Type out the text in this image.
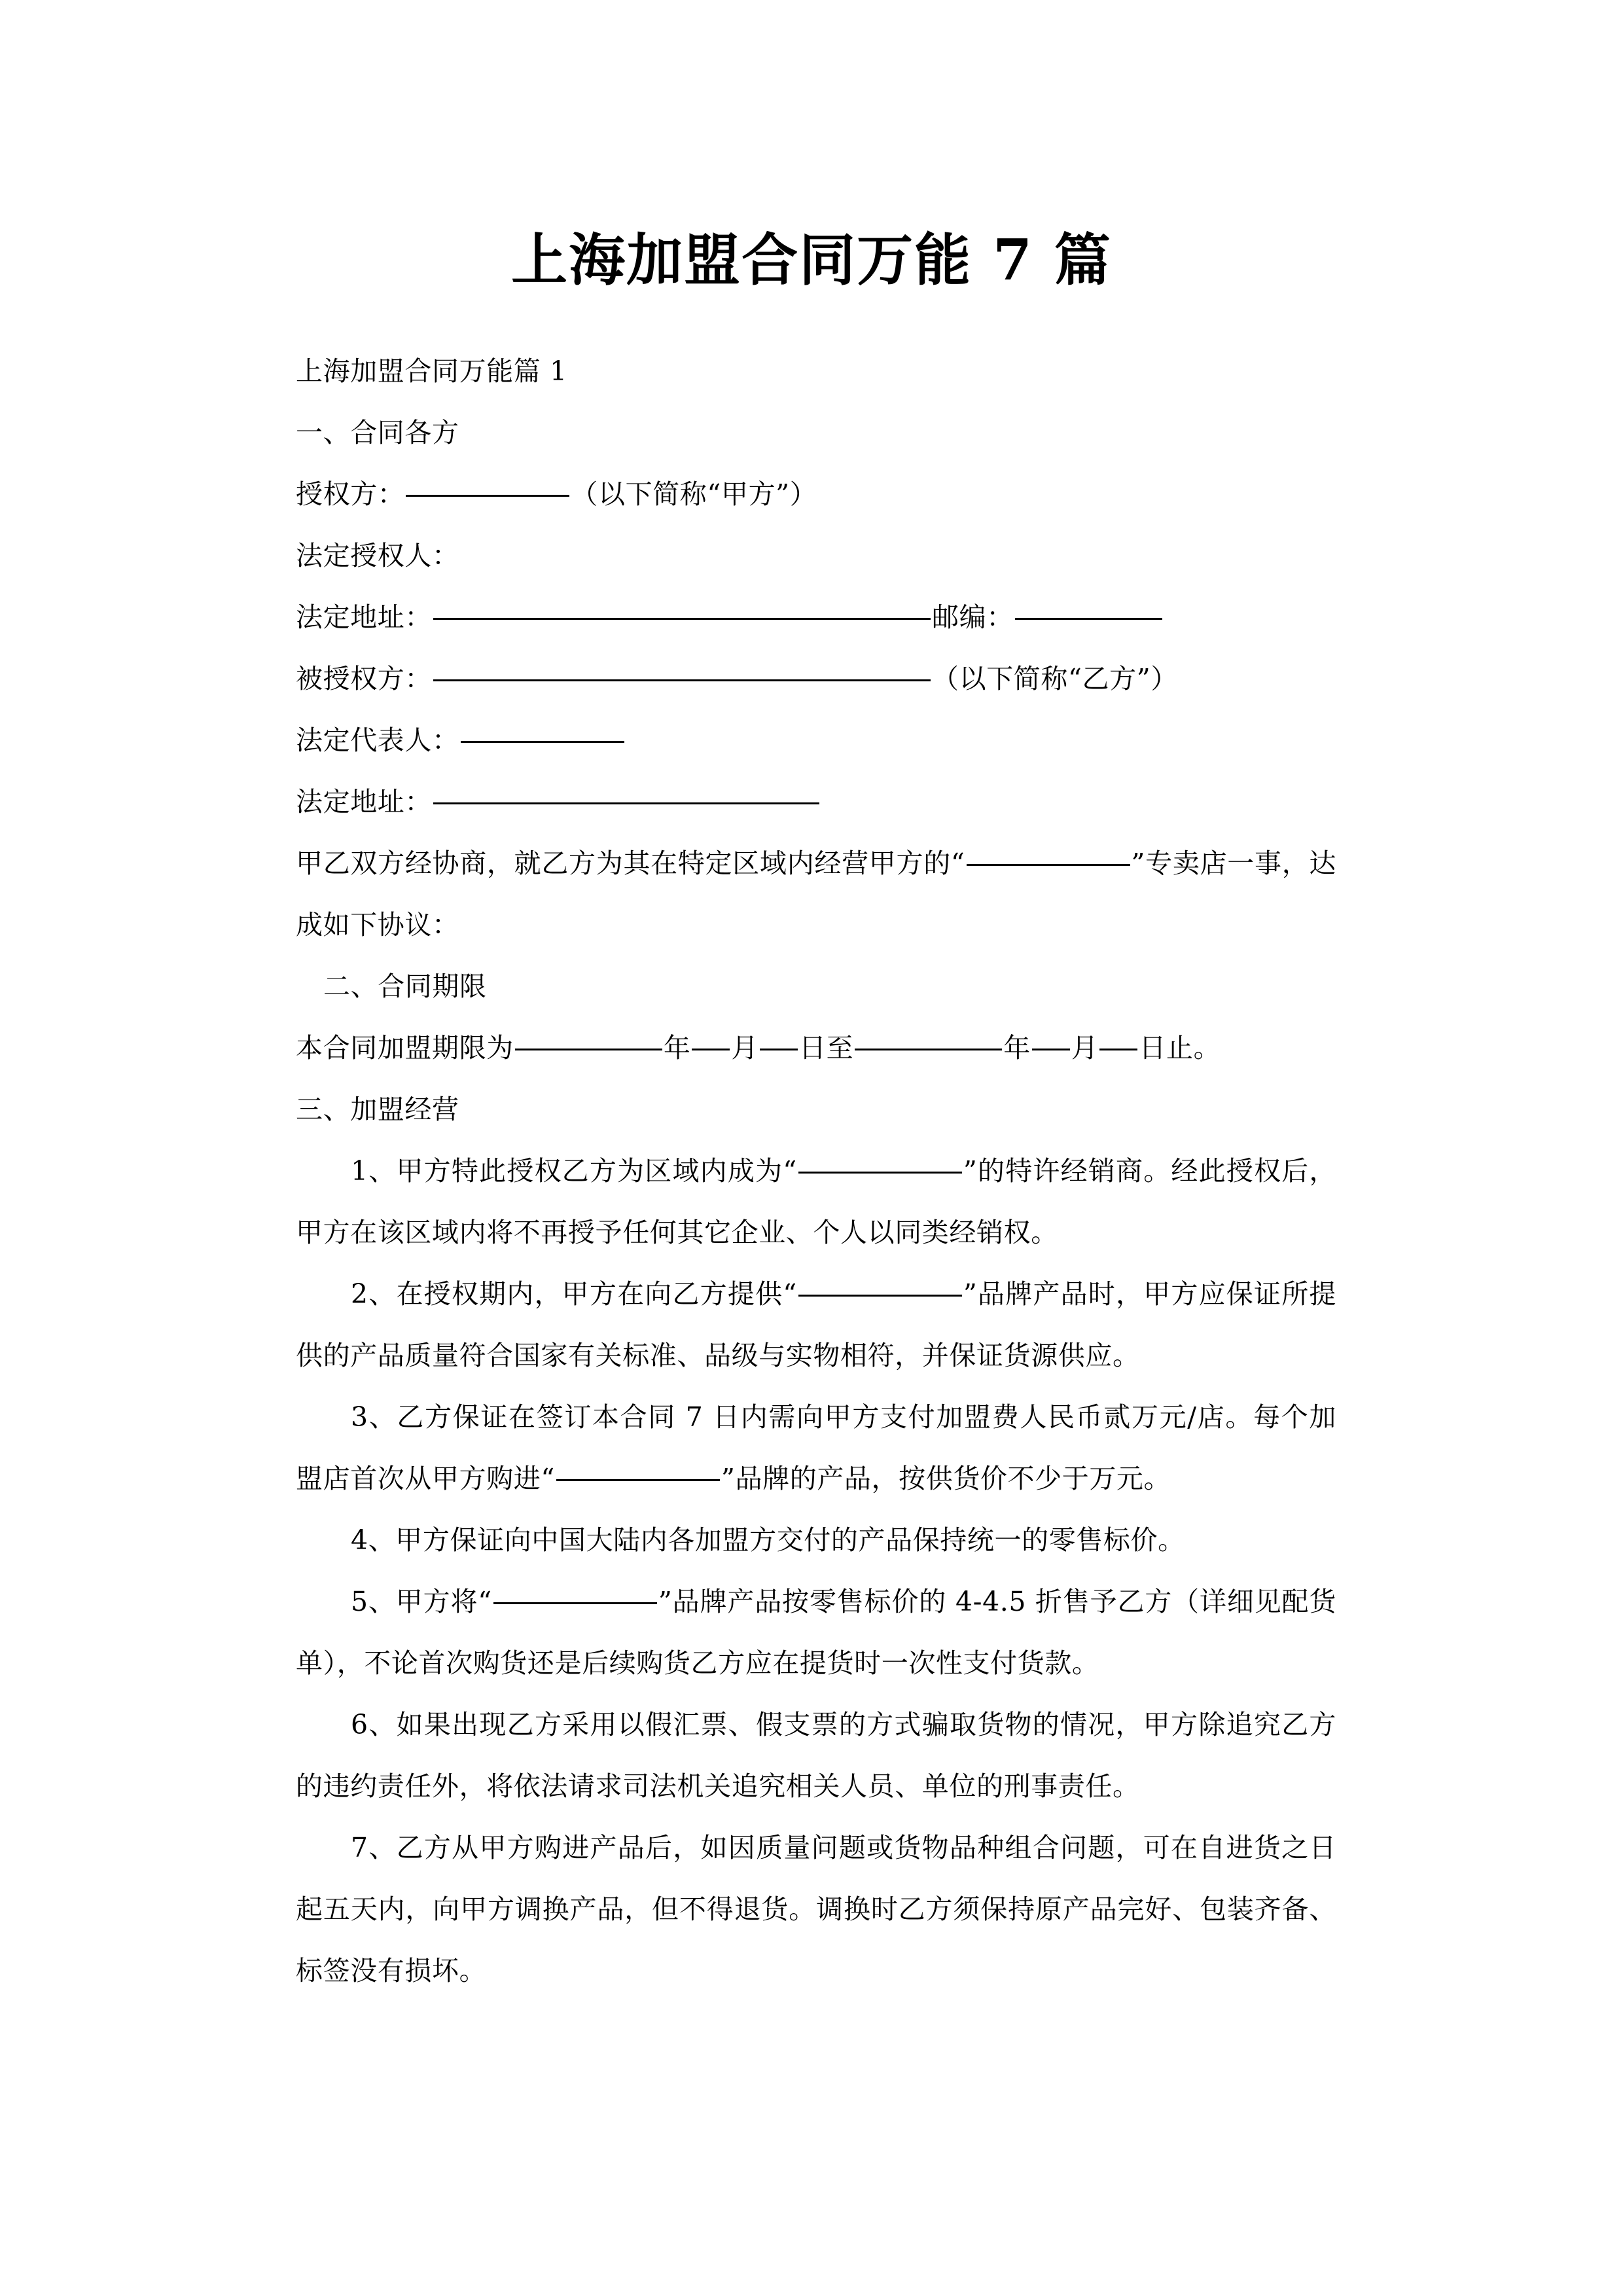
上海加盟合同万能 7 篇

上海加盟合同万能篇 1

一、合同各方

授权方：	（以下简称“甲方”）

法定授权人：

法定地址：	邮编：

被授权方：	（以下简称“乙方”）

法定代表人：

法定地址：

甲乙双方经协商，就乙方为其在特定区域内经营甲方的“	”专卖店一事，达成如下协议：

二、合同期限

本合同加盟期限为	年 月 日至	年 月 日止。

三、加盟经营

1、甲方特此授权乙方为区域内成为“	”的特许经销商。经此授权后，甲方在该区域内将不再授予任何其它企业、个人以同类经销权。

2、在授权期内，甲方在向乙方提供“	”品牌产品时，甲方应保证所提供的产品质量符合国家有关标准、品级与实物相符，并保证货源供应。

3、乙方保证在签订本合同 7 日内需向甲方支付加盟费人民币贰万元/店。每个加盟店首次从甲方购进“	”品牌的产品，按供货价不少于万元。

4、甲方保证向中国大陆内各加盟方交付的产品保持统一的零售标价。

5、甲方将“	”品牌产品按零售标价的 4-4.5 折售予乙方（详细见配货单），不论首次购货还是后续购货乙方应在提货时一次性支付货款。

6、如果出现乙方采用以假汇票、假支票的方式骗取货物的情况，甲方除追究乙方的违约责任外，将依法请求司法机关追究相关人员、单位的刑事责任。

7、乙方从甲方购进产品后，如因质量问题或货物品种组合问题，可在自进货之日起五天内，向甲方调换产品，但不得退货。调换时乙方须保持原产品完好、包装齐备、标签没有损坏。
